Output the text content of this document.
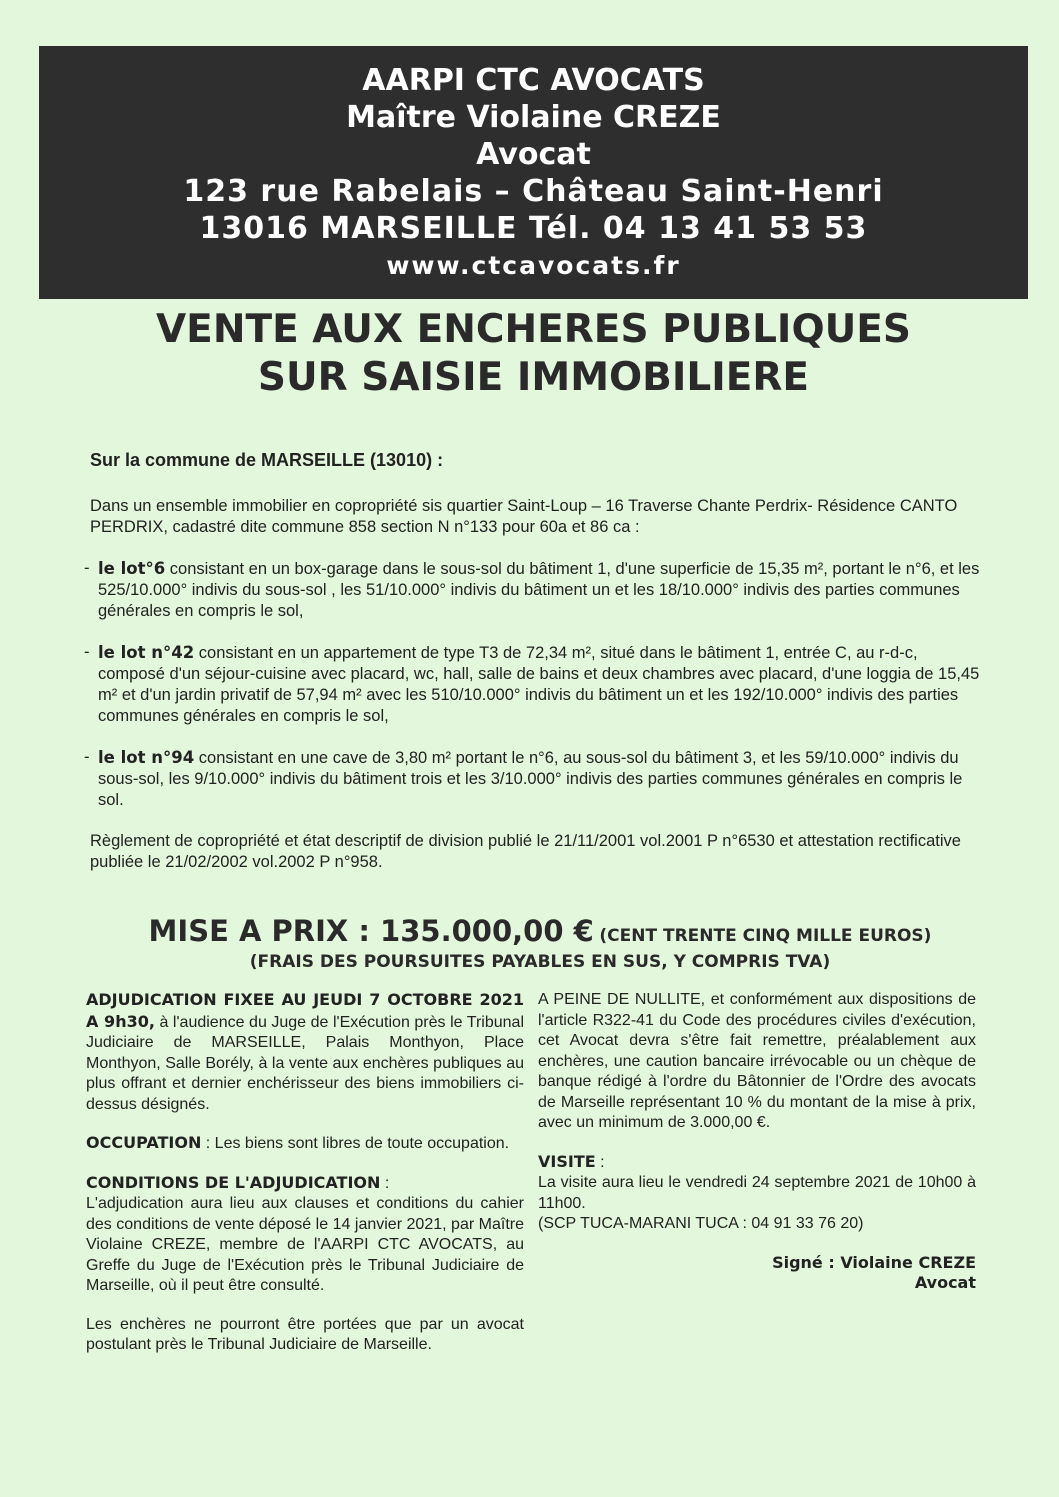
AARPI CTC AVOCATS
Maître Violaine CREZE
Avocat
123 rue Rabelais – Château Saint-Henri
13016 MARSEILLE Tél. 04 13 41 53 53
www.ctcavocats.fr
VENTE AUX ENCHERES PUBLIQUES
SUR SAISIE IMMOBILIERE

Sur la commune de MARSEILLE (13010) :

Dans un ensemble immobilier en copropriété sis quartier Saint-Loup – 16 Traverse Chante Perdrix- Résidence CANTO PERDRIX, cadastré dite commune 858 section N n°133 pour 60a et 86 ca :

- le lot°6 consistant en un box-garage dans le sous-sol du bâtiment 1, d'une superficie de 15,35 m², portant le n°6, et les 525/10.000° indivis du sous-sol , les 51/10.000° indivis du bâtiment un et les 18/10.000° indivis des parties communes générales en compris le sol,
- le lot n°42 consistant en un appartement de type T3 de 72,34 m², situé dans le bâtiment 1, entrée C, au r-d-c, composé d'un séjour-cuisine avec placard, wc, hall, salle de bains et deux chambres avec placard, d'une loggia de 15,45 m² et d'un jardin privatif de 57,94 m² avec les 510/10.000° indivis du bâtiment un et les 192/10.000° indivis des parties communes générales en compris le sol,
- le lot n°94 consistant en une cave de 3,80 m² portant le n°6, au sous-sol du bâtiment 3, et les 59/10.000° indivis du sous-sol, les 9/10.000° indivis du bâtiment trois et les 3/10.000° indivis des parties communes générales en compris le sol.

Règlement de copropriété et état descriptif de division publié le 21/11/2001 vol.2001 P n°6530 et attestation rectificative publiée le 21/02/2002 vol.2002 P n°958.

MISE A PRIX : 135.000,00 € (CENT TRENTE CINQ MILLE EUROS)
(FRAIS DES POURSUITES PAYABLES EN SUS, Y COMPRIS TVA)

ADJUDICATION FIXEE AU JEUDI 7 OCTOBRE 2021 A 9h30, à l'audience du Juge de l'Exécution près le Tribunal Judiciaire de MARSEILLE, Palais Monthyon, Place Monthyon, Salle Borély, à la vente aux enchères publiques au plus offrant et dernier enchérisseur des biens immobiliers ci-dessus désignés.

OCCUPATION : Les biens sont libres de toute occupation.

CONDITIONS DE L'ADJUDICATION :
L'adjudication aura lieu aux clauses et conditions du cahier des conditions de vente déposé le 14 janvier 2021, par Maître Violaine CREZE, membre de l'AARPI CTC AVOCATS, au Greffe du Juge de l'Exécution près le Tribunal Judiciaire de Marseille, où il peut être consulté.

Les enchères ne pourront être portées que par un avocat postulant près le Tribunal Judiciaire de Marseille.

A PEINE DE NULLITE, et conformément aux dispositions de l'article R322-41 du Code des procédures civiles d'exécution, cet Avocat devra s'être fait remettre, préalablement aux enchères, une caution bancaire irrévocable ou un chèque de banque rédigé à l'ordre du Bâtonnier de l'Ordre des avocats de Marseille représentant 10 % du montant de la mise à prix, avec un minimum de 3.000,00 €.

VISITE :
La visite aura lieu le vendredi 24 septembre 2021 de 10h00 à 11h00.
(SCP TUCA-MARANI TUCA : 04 91 33 76 20)

Signé : Violaine CREZE
Avocat
